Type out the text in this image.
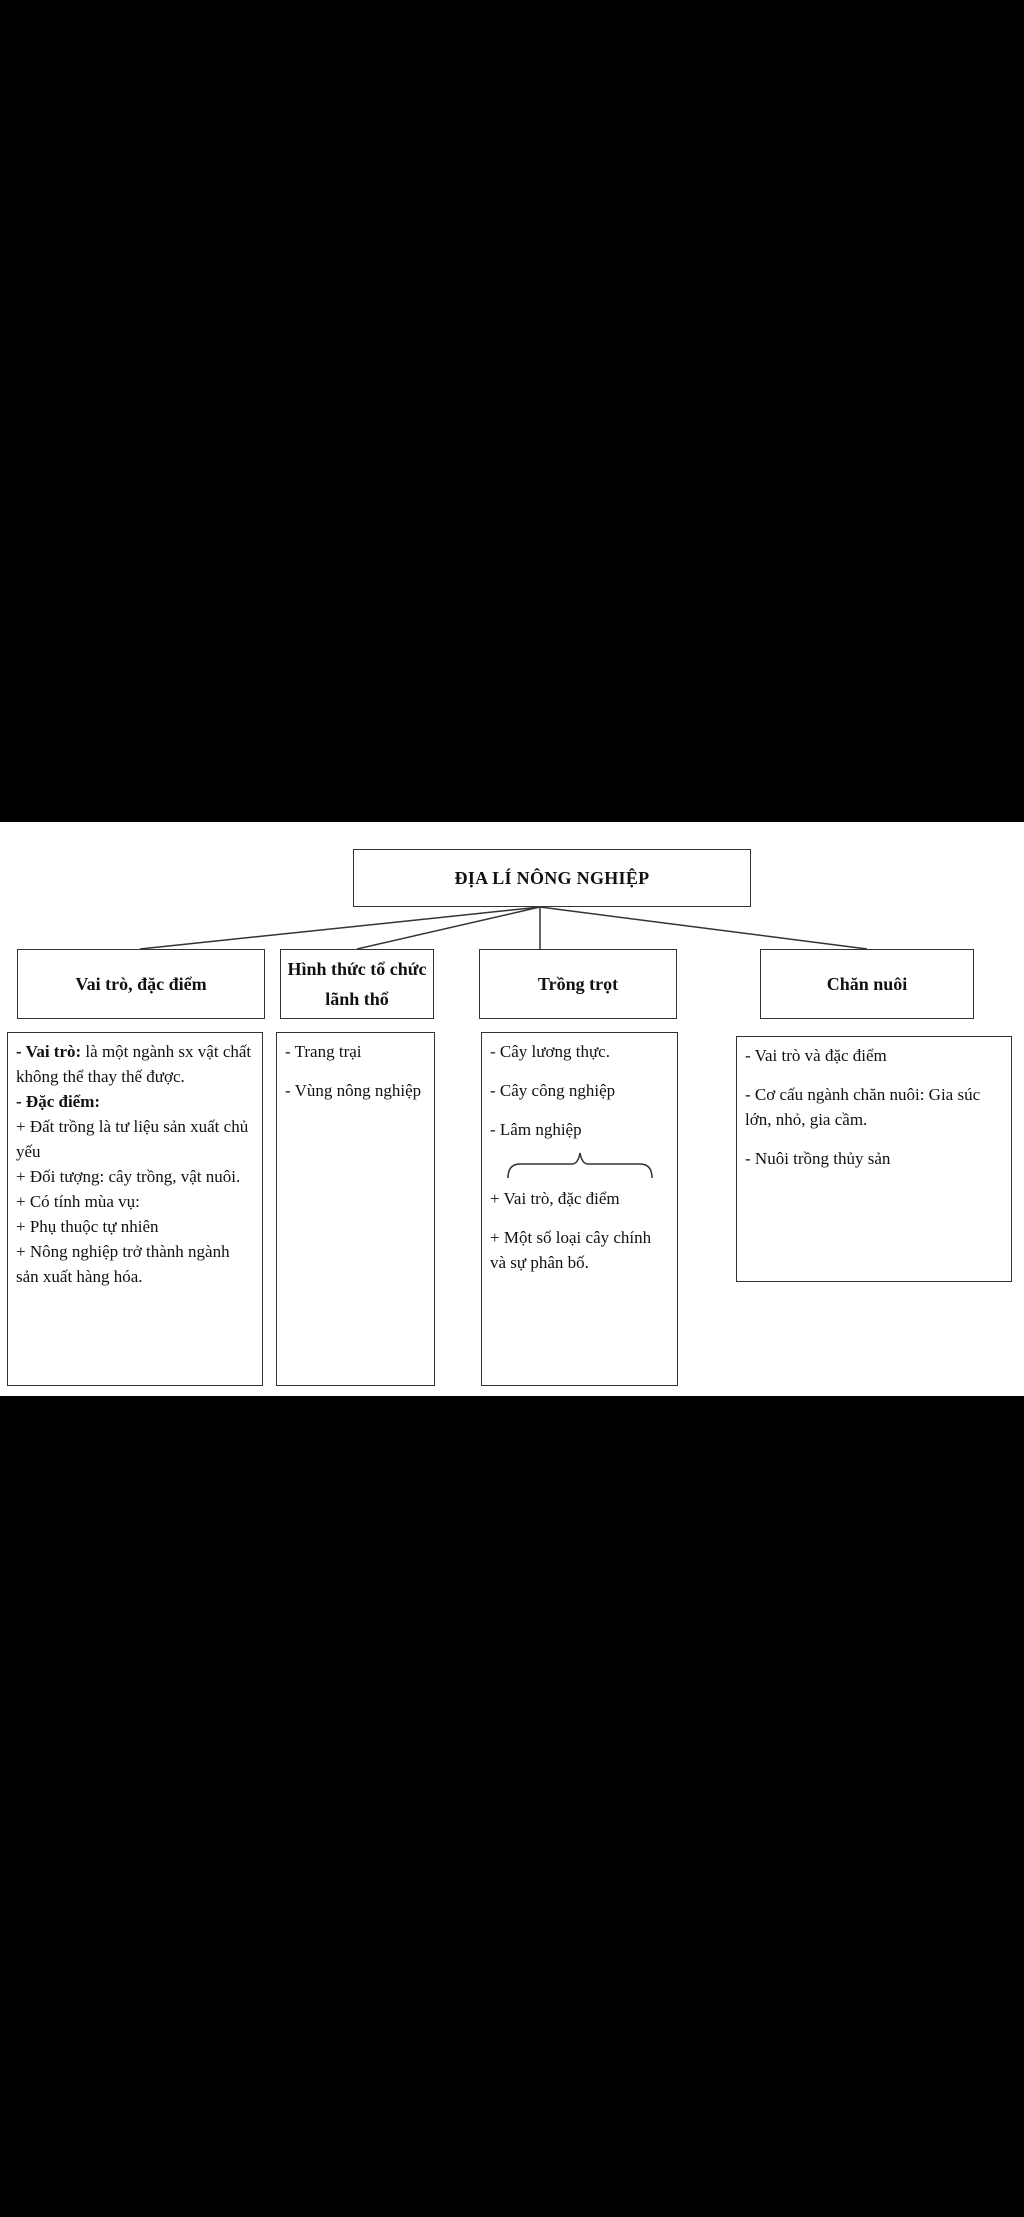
ĐỊA LÍ NÔNG NGHIỆP
Vai trò, đặc điểm
Hình thức tổ chức lãnh thổ
Trồng trọt	Chăn nuôi

- Vai trò: là một ngành sx vật chất không thể thay thế được.

- Đặc điểm:

+ Đất trồng là tư liệu sản xuất chủ yếu

+ Đối tượng: cây trồng, vật nuôi.

+ Có tính mùa vụ:

+ Phụ thuộc tự nhiên

+ Nông nghiệp trở thành ngành sản xuất hàng hóa.

- Trang trại

- Vùng nông nghiệp

- Cây lương thực.

- Cây công nghiệp

- Lâm nghiệp

+ Vai trò, đặc điểm

+ Một số loại cây chính và sự phân bố.

- Vai trò và đặc điểm

- Cơ cấu ngành chăn nuôi: Gia súc lớn, nhỏ, gia cầm.

- Nuôi trồng thủy sản
